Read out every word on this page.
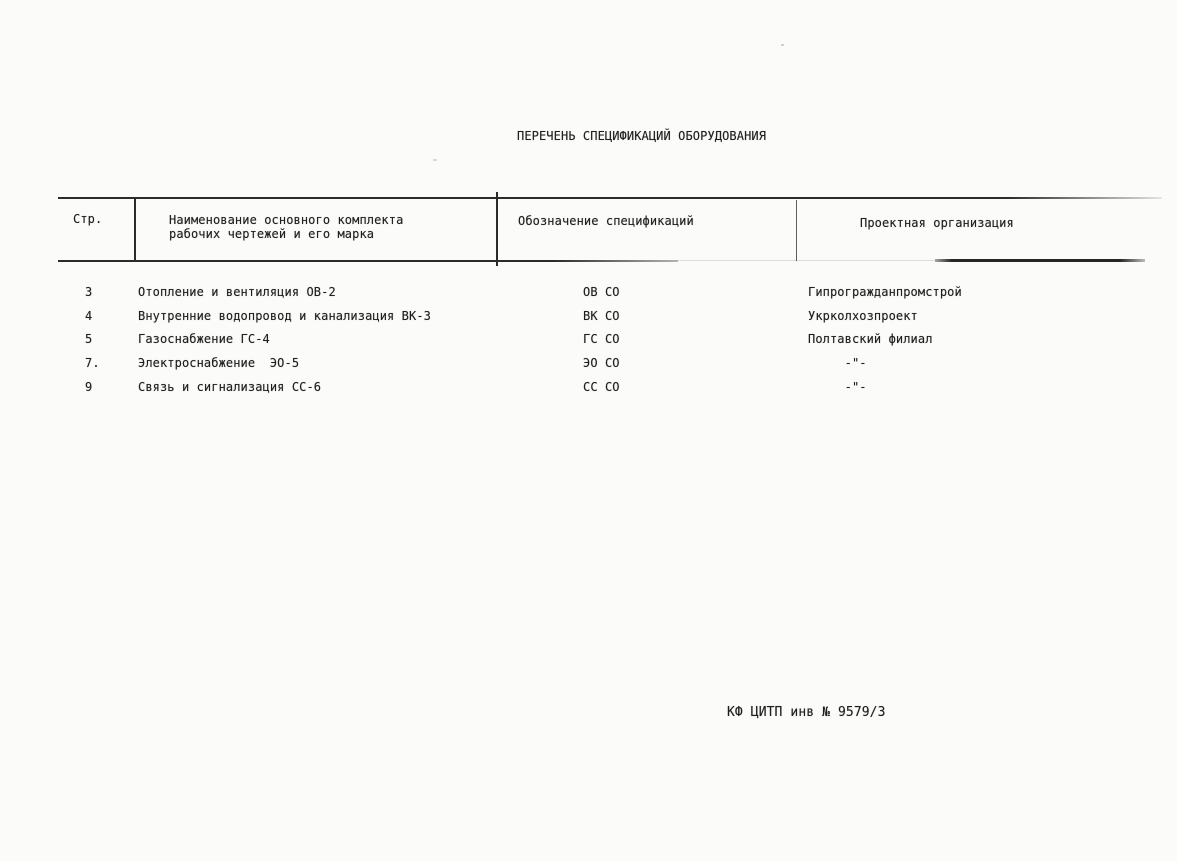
ПЕРЕЧЕНЬ СПЕЦИФИКАЦИЙ ОБОРУДОВАНИЯ
Стр.	Наименование основного комплекта
рабочих чертежей и его марка
Обозначение спецификаций	Проектная организация
3	Отопление и вентиляция ОВ-2	ОВ СО	Гипрогражданпромстрой
4	Внутренние водопровод и канализация ВК-3	ВК СО	Укрколхозпроект
5	Газоснабжение ГС-4	ГС СО	Полтавский филиал
7.	Электроснабжение  ЭО-5	ЭО СО	-"-
9	Связь и сигнализация СС-6	СС СО	-"-
КФ ЦИТП инв № 9579/3
